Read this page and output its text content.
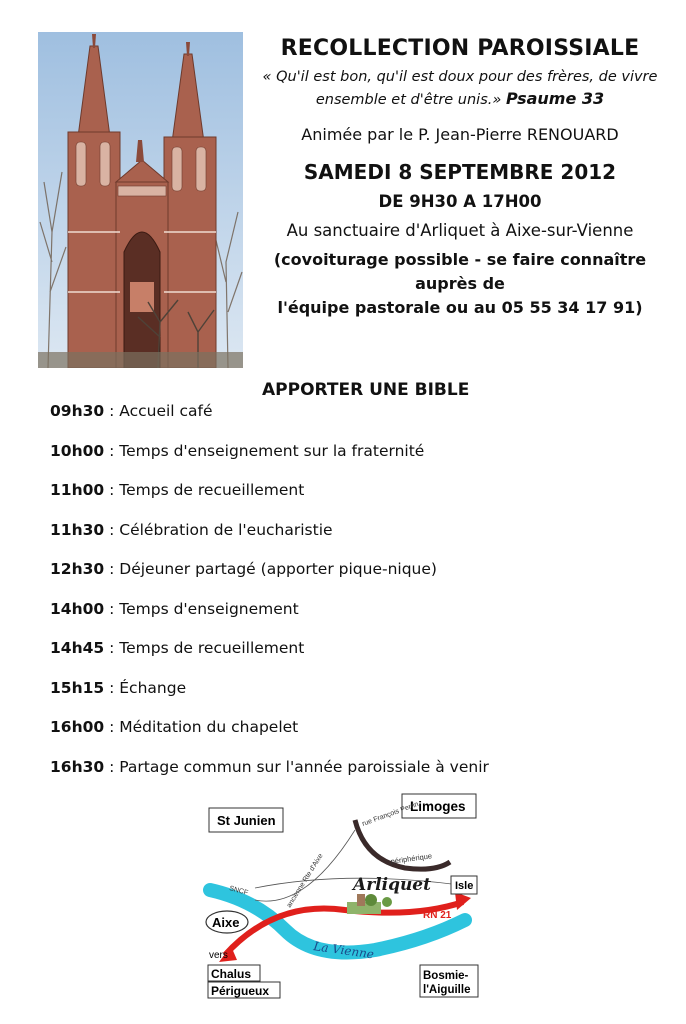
RECOLLECTION PAROISSIALE
« Qu'il est bon, qu'il est doux pour des frères, de vivre
ensemble et d'être unis.» Psaume 33
Animée par le P. Jean-Pierre RENOUARD
SAMEDI 8 SEPTEMBRE 2012
DE 9H30 A 17H00
Au sanctuaire d'Arliquet à Aixe-sur-Vienne
(covoiturage possible - se faire connaître auprès de
l'équipe pastorale ou au 05 55 34 17 91)
APPORTER UNE BIBLE
09h30 : Accueil café
10h00 : Temps d'enseignement sur la fraternité
11h00 : Temps de recueillement
11h30 : Célébration de l'eucharistie
12h30 : Déjeuner partagé (apporter pique-nique)
14h00 : Temps d'enseignement
14h45 : Temps de recueillement
15h15 : Échange
16h00 : Méditation du chapelet
16h30 : Partage commun sur l'année paroissiale à venir
St Junien
Limoges
Isle
Aixe
vers
Chalus
Périgueux
Bosmie-
l'Aiguille
Arliquet
RN 21
La Vienne
ancienne Rte d'Aixe
rue François Perrin
périphérique
SNCF
